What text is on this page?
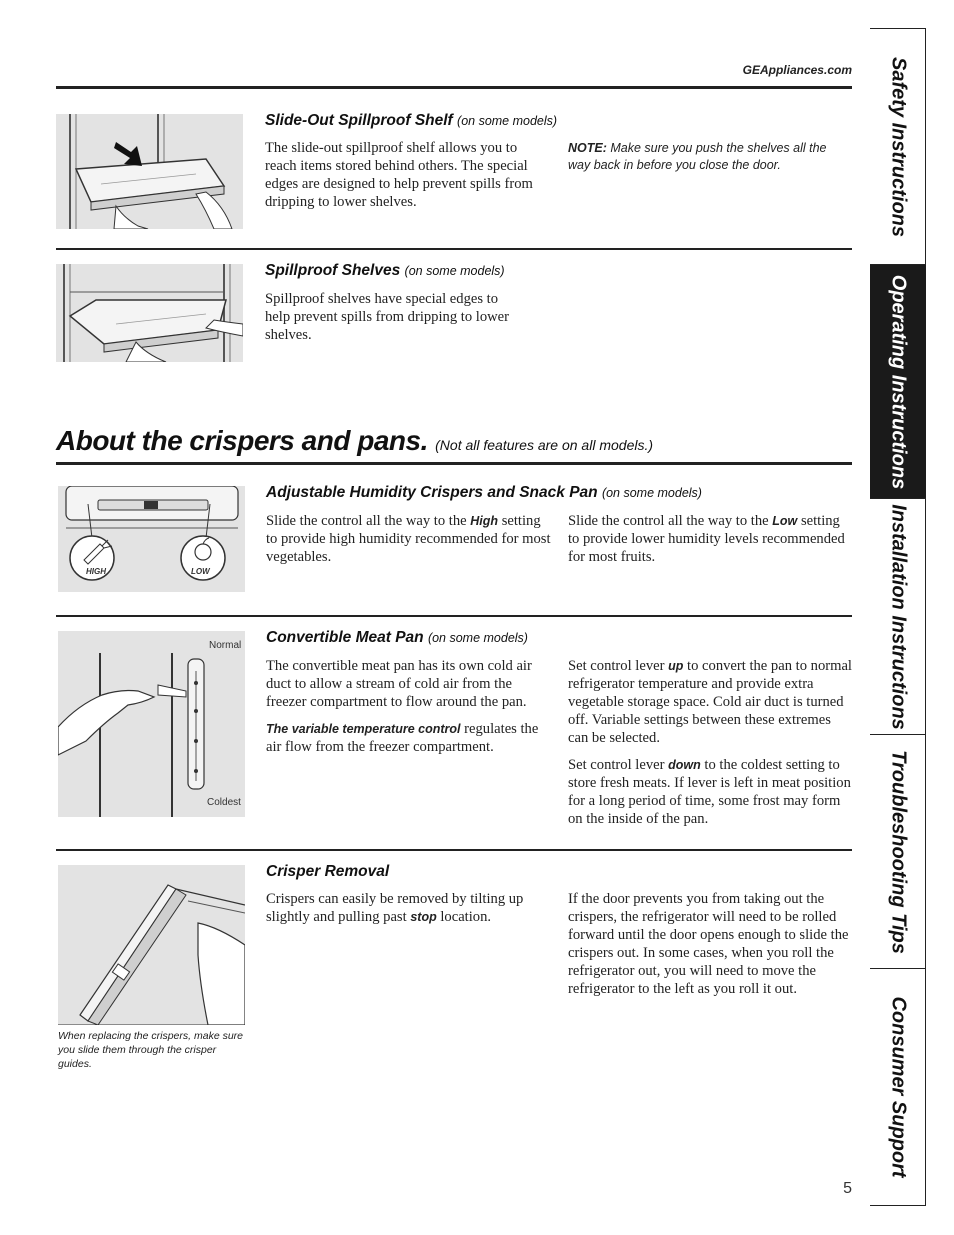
GEAppliances.com
Slide-Out Spillproof Shelf (on some models)

The slide-out spillproof shelf allows you to reach items stored behind others. The special edges are designed to help prevent spills from dripping to lower shelves.

NOTE: Make sure you push the shelves all the way back in before you close the door.
Spillproof Shelves (on some models)

Spillproof shelves have special edges to help prevent spills from dripping to lower shelves.

About the crispers and pans. (Not all features are on all models.)
HIGH	LOW
Adjustable Humidity Crispers and Snack Pan (on some models)

Slide the control all the way to the High setting to provide high humidity recommended for most vegetables.

Slide the control all the way to the Low setting to provide lower humidity levels recommended for most fruits.

Normal
Coldest
Convertible Meat Pan (on some models)

The convertible meat pan has its own cold air duct to allow a stream of cold air from the freezer compartment to flow around the pan.

The variable temperature control regulates the air flow from the freezer compartment.

Set control lever up to convert the pan to normal refrigerator temperature and provide extra vegetable storage space. Cold air duct is turned off. Variable settings between these extremes can be selected.

Set control lever down to the coldest setting to store fresh meats. If lever is left in meat position for a long period of time, some frost may form on the inside of the pan.

When replacing the crispers, make sure you slide them through the crisper guides.
Crisper Removal

Crispers can easily be removed by tilting up slightly and pulling past stop location.

If the door prevents you from taking out the crispers, the refrigerator will need to be rolled forward until the door opens enough to slide the crispers out. In some cases, when you roll the refrigerator out, you will need to move the refrigerator to the left as you roll it out.

5
Safety Instructions
Operating Instructions
Installation Instructions
Troubleshooting Tips
Consumer Support
